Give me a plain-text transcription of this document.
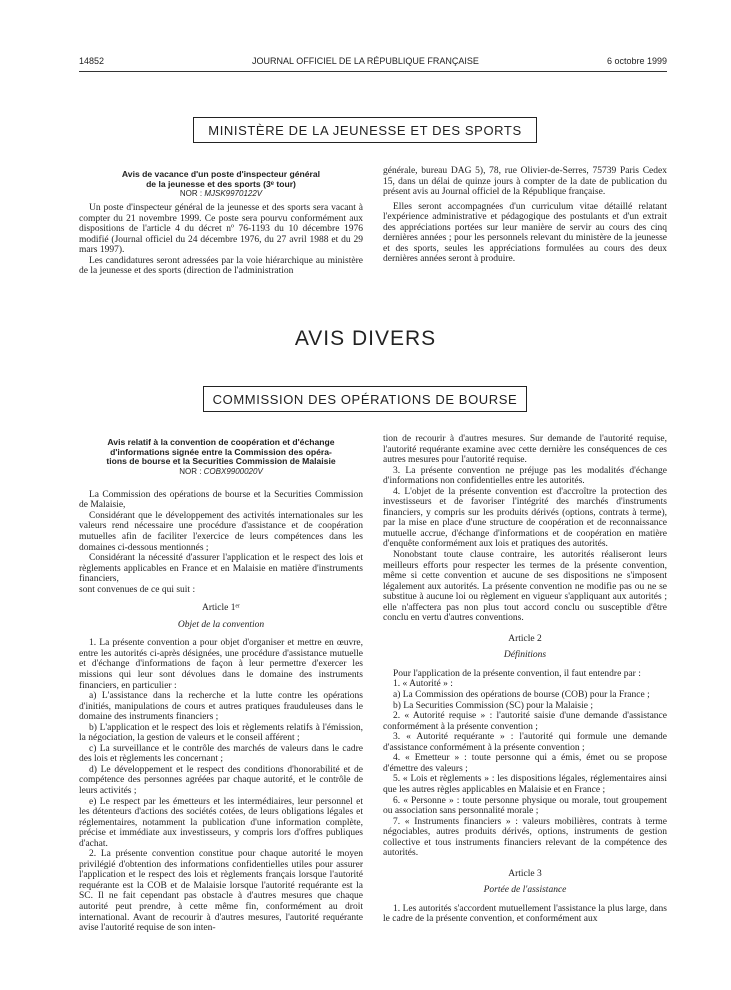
14852	JOURNAL OFFICIEL DE LA RÉPUBLIQUE FRANÇAISE	6 octobre 1999
MINISTÈRE DE LA JEUNESSE ET DES SPORTS
Avis de vacance d'un poste d'inspecteur général
de la jeunesse et des sports (3ᵉ tour)
NOR : MJSK9970122V

Un poste d'inspecteur général de la jeunesse et des sports sera vacant à compter du 21 novembre 1999. Ce poste sera pourvu conformément aux dispositions de l'article 4 du décret nº 76-1193 du 10 décembre 1976 modifié (Journal officiel du 24 décembre 1976, du 27 avril 1988 et du 29 mars 1997).

Les candidatures seront adressées par la voie hiérarchique au ministère de la jeunesse et des sports (direction de l'administration

générale, bureau DAG 5), 78, rue Olivier-de-Serres, 75739 Paris Cedex 15, dans un délai de quinze jours à compter de la date de publication du présent avis au Journal officiel de la République française.

Elles seront accompagnées d'un curriculum vitae détaillé relatant l'expérience administrative et pédagogique des postulants et d'un extrait des appréciations portées sur leur manière de servir au cours des cinq dernières années ; pour les personnels relevant du ministère de la jeunesse et des sports, seules les appréciations formulées au cours des deux dernières années seront à produire.

AVIS DIVERS
COMMISSION DES OPÉRATIONS DE BOURSE
Avis relatif à la convention de coopération et d'échange
d'informations signée entre la Commission des opéra-
tions de bourse et la Securities Commission de Malaisie
NOR : COBX9900020V

La Commission des opérations de bourse et la Securities Commission de Malaisie,

Considérant que le développement des activités internationales sur les valeurs rend nécessaire une procédure d'assistance et de coopération mutuelles afin de faciliter l'exercice de leurs compétences dans les domaines ci-dessous mentionnés ;

Considérant la nécessité d'assurer l'application et le respect des lois et règlements applicables en France et en Malaisie en matière d'instruments financiers,

sont convenues de ce qui suit :

Article 1ᵉʳ

Objet de la convention

1. La présente convention a pour objet d'organiser et mettre en œuvre, entre les autorités ci-après désignées, une procédure d'assistance mutuelle et d'échange d'informations de façon à leur permettre d'exercer les missions qui leur sont dévolues dans le domaine des instruments financiers, en particulier :

a) L'assistance dans la recherche et la lutte contre les opérations d'initiés, manipulations de cours et autres pratiques frauduleuses dans le domaine des instruments financiers ;

b) L'application et le respect des lois et règlements relatifs à l'émission, la négociation, la gestion de valeurs et le conseil afférent ;

c) La surveillance et le contrôle des marchés de valeurs dans le cadre des lois et règlements les concernant ;

d) Le développement et le respect des conditions d'honorabilité et de compétence des personnes agréées par chaque autorité, et le contrôle de leurs activités ;

e) Le respect par les émetteurs et les intermédiaires, leur personnel et les détenteurs d'actions des sociétés cotées, de leurs obligations légales et réglementaires, notamment la publication d'une information complète, précise et immédiate aux investisseurs, y compris lors d'offres publiques d'achat.

2. La présente convention constitue pour chaque autorité le moyen privilégié d'obtention des informations confidentielles utiles pour assurer l'application et le respect des lois et règlements français lorsque l'autorité requérante est la COB et de Malaisie lorsque l'autorité requérante est la SC. Il ne fait cependant pas obstacle à d'autres mesures que chaque autorité peut prendre, à cette même fin, conformément au droit international. Avant de recourir à d'autres mesures, l'autorité requérante avise l'autorité requise de son inten-

tion de recourir à d'autres mesures. Sur demande de l'autorité requise, l'autorité requérante examine avec cette dernière les conséquences de ces autres mesures pour l'autorité requise.

3. La présente convention ne préjuge pas les modalités d'échange d'informations non confidentielles entre les autorités.

4. L'objet de la présente convention est d'accroître la protection des investisseurs et de favoriser l'intégrité des marchés d'instruments financiers, y compris sur les produits dérivés (options, contrats à terme), par la mise en place d'une structure de coopération et de reconnaissance mutuelle accrue, d'échange d'informations et de coopération en matière d'enquête conformément aux lois et pratiques des autorités.

Nonobstant toute clause contraire, les autorités réaliseront leurs meilleurs efforts pour respecter les termes de la présente convention, même si cette convention et aucune de ses dispositions ne s'imposent légalement aux autorités. La présente convention ne modifie pas ou ne se substitue à aucune loi ou règlement en vigueur s'appliquant aux autorités ; elle n'affectera pas non plus tout accord conclu ou susceptible d'être conclu en vertu d'autres conventions.

Article 2

Définitions

Pour l'application de la présente convention, il faut entendre par :

1. « Autorité » :

a) La Commission des opérations de bourse (COB) pour la France ;

b) La Securities Commission (SC) pour la Malaisie ;

2. « Autorité requise » : l'autorité saisie d'une demande d'assistance conformément à la présente convention ;

3. « Autorité requérante » : l'autorité qui formule une demande d'assistance conformément à la présente convention ;

4. « Emetteur » : toute personne qui a émis, émet ou se propose d'émettre des valeurs ;

5. « Lois et règlements » : les dispositions légales, réglementaires ainsi que les autres règles applicables en Malaisie et en France ;

6. « Personne » : toute personne physique ou morale, tout groupement ou association sans personnalité morale ;

7. « Instruments financiers » : valeurs mobilières, contrats à terme négociables, autres produits dérivés, options, instruments de gestion collective et tous instruments financiers relevant de la compétence des autorités.

Article 3

Portée de l'assistance

1. Les autorités s'accordent mutuellement l'assistance la plus large, dans le cadre de la présente convention, et conformément aux
